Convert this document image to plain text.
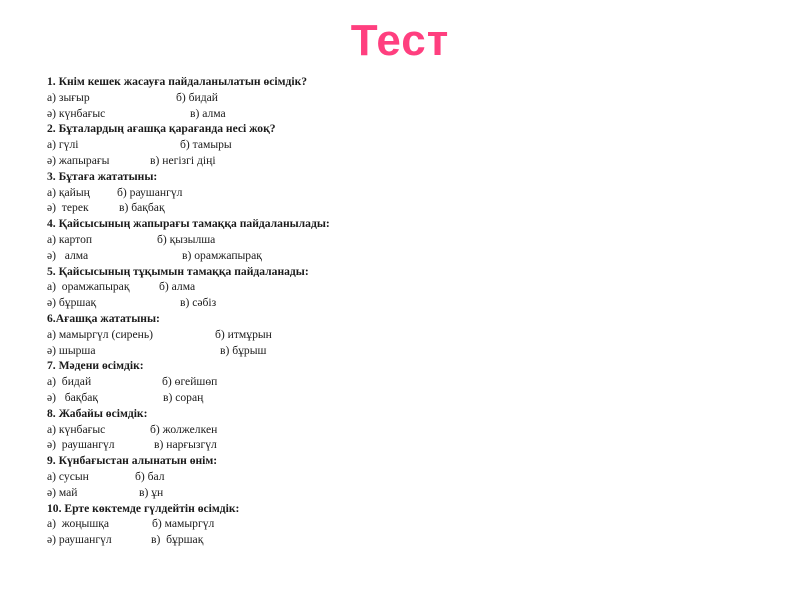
Тест
1. Кнім кешек жасауға пайдаланылатын өсімдік?
а) зығыр	б) бидай
ә) күнбағыс	в) алма
2. Бұталардың ағашқа қарағанда несі жоқ?
а) гүлі	б) тамыры
ә) жапырағы	в) негізгі діңі
3. Бұтаға жататыны:
а) қайың	б) раушангүл
ә)  терек	в) бақбақ
4. Қайсысының жапырағы тамаққа пайдаланылады:
а) картоп	б) қызылша
ә)   алма	в) орамжапырақ
5. Қайсысының тұқымын тамаққа пайдаланады:
а)  орамжапырақ	б) алма
ә) бұршақ	в) сәбіз
6.Ағашқа жататыны:
а) мамыргүл (сирень)	б) итмұрын
ә) шырша	в) бұрыш
7. Мәдени өсімдік:
а)  бидай	б) өгейшөп
ә)   бақбақ	в) сораң
8. Жабайы өсімдік:
а) күнбағыс	б) жолжелкен
ә)  раушангүл	в) нарғызгүл
9. Күнбағыстан алынатын өнім:
а) сусын	б) бал
ә) май	в) ұн
10. Ерте көктемде гүлдейтін өсімдік:
а)  жоңышқа	б) мамыргүл
ә) раушангүл	в)  бұршақ
